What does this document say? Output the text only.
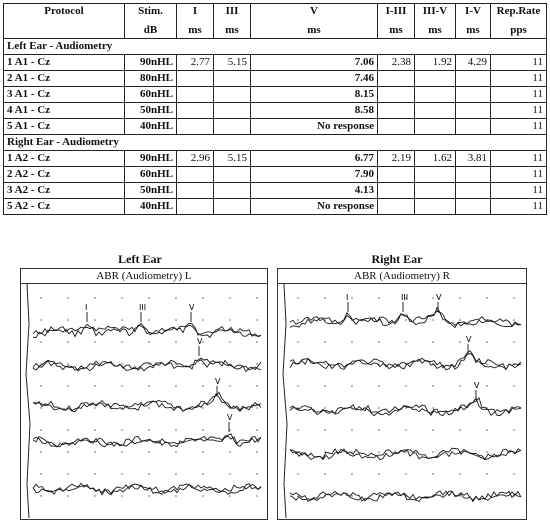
Protocol	Stim.	I	III	V	I-III	III-V	I-V	Rep.Rate
	dB	ms	ms	ms	ms	ms	ms	pps
Left Ear - Audiometry								
1 A1 - Cz	90nHL	2.77	5.15	7.06	2.38	1.92	4.29	11
2 A1 - Cz	80nHL			7.46				11
3 A1 - Cz	60nHL			8.15				11
4 A1 - Cz	50nHL			8.58				11
5 A1 - Cz	40nHL			No response				11
Right Ear - Audiometry								
1 A2 - Cz	90nHL	2.96	5.15	6.77	2.19	1.62	3.81	11
2 A2 - Cz	60nHL			7.90				11
3 A2 - Cz	50nHL			4.13				11
5 A2 - Cz	40nHL			No response				11
Left Ear
ABR (Audiometry) L
I	III	V
V
V
V
Right Ear
ABR (Audiometry) R
I	III	V
V
V
